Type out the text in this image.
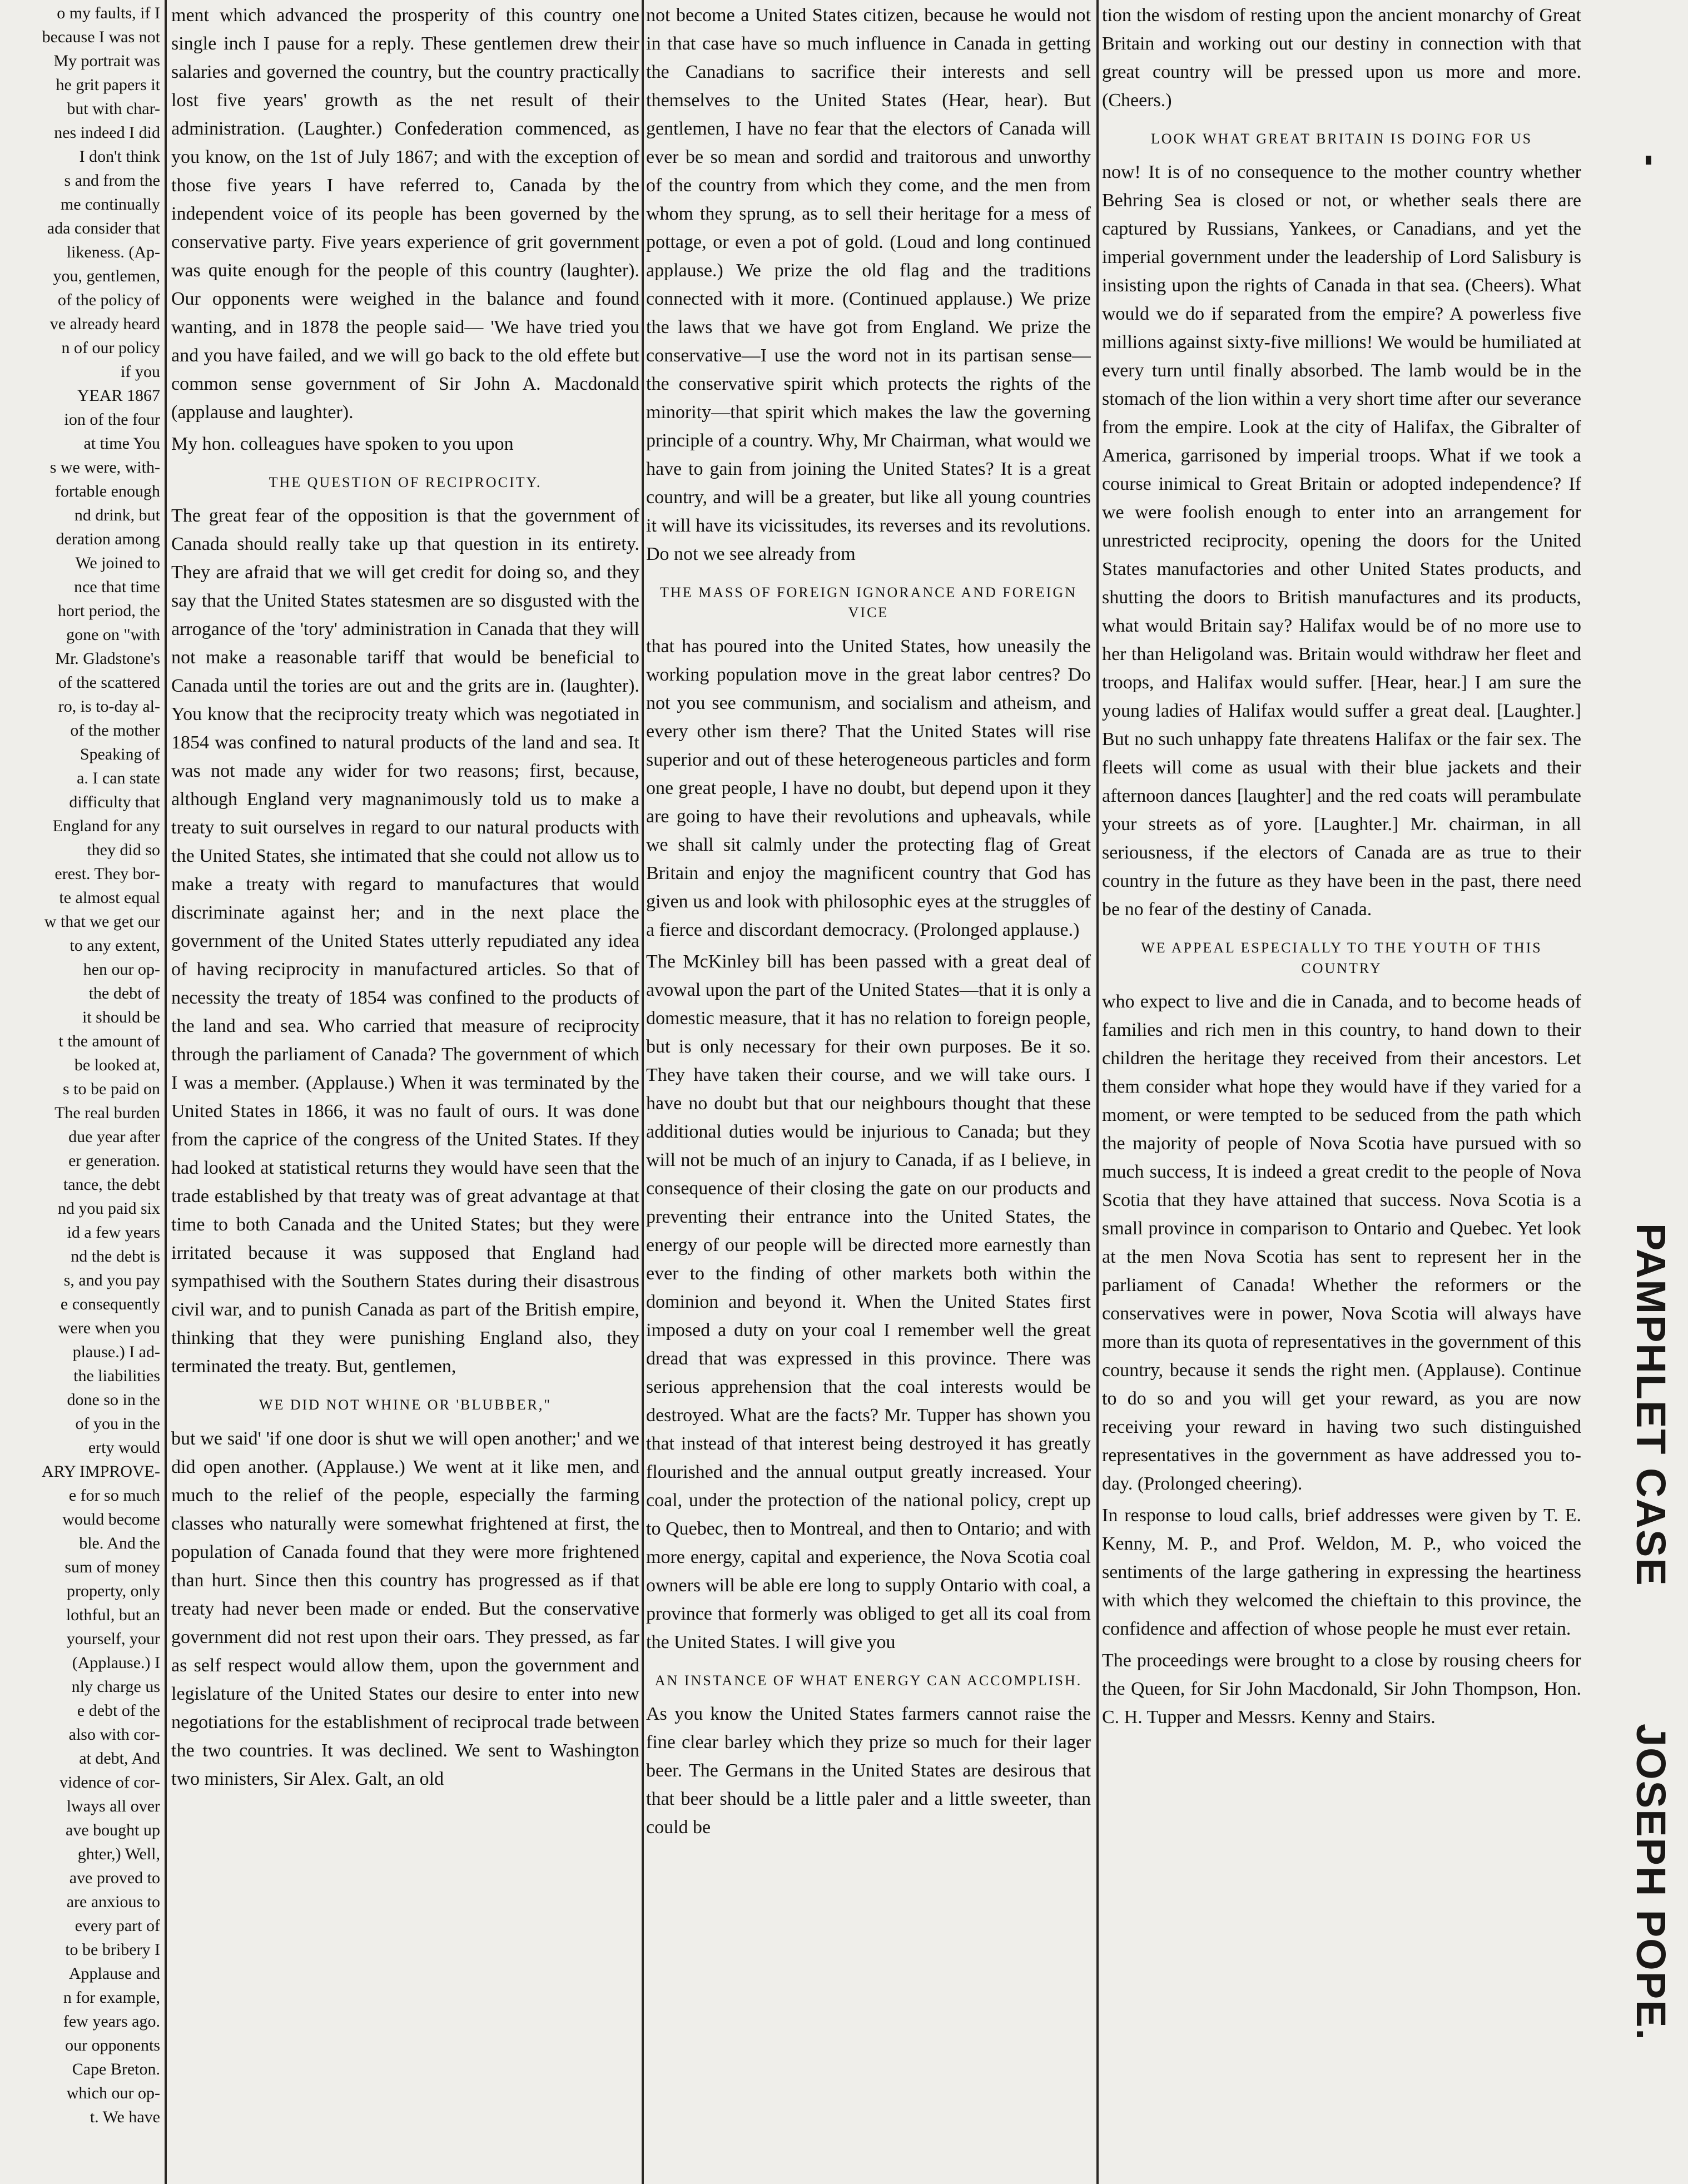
o my faults, if I
because I was not
My portrait was
he grit papers it
but with char-
nes indeed I did
I don't think
s and from the
me continually
ada consider that
likeness. (Ap-
you, gentlemen,
of the policy of
ve already heard
n of our policy
if you
YEAR 1867
ion of the four
at time You
s we were, with-
fortable enough
nd drink, but
deration among
We joined to
nce that time
hort period, the
gone on "with
Mr. Gladstone's
of the scattered
ro, is to-day al-
of the mother
Speaking of
a. I can state
difficulty that
England for any
they did so
erest. They bor-
te almost equal
w that we get our
to any extent,
hen our op-
the debt of
it should be
t the amount of
be looked at,
s to be paid on
The real burden
due year after
er generation.
tance, the debt
nd you paid six
id a few years
nd the debt is
s, and you pay
e consequently
were when you
plause.) I ad-
the liabilities
done so in the
of you in the
erty would
ARY IMPROVE-
e for so much
would become
ble. And the
sum of money
property, only
lothful, but an
yourself, your
(Applause.) I
nly charge us
e debt of the
also with cor-
at debt, And
vidence of cor-
lways all over
ave bought up
ghter,) Well,
ave proved to
are anxious to
every part of
to be bribery I
Applause and
n for example,
few years ago.
our opponents
Cape Breton.
which our op-
t. We have

ment which advanced the prosperity of this country one single inch I pause for a reply. These gentlemen drew their salaries and governed the country, but the country practically lost five years' growth as the net result of their administration. (Laughter.) Confederation commenced, as you know, on the 1st of July 1867; and with the exception of those five years I have referred to, Canada by the independent voice of its people has been governed by the conservative party. Five years experience of grit government was quite enough for the people of this country (laughter). Our opponents were weighed in the balance and found wanting, and in 1878 the people said— 'We have tried you and you have failed, and we will go back to the old effete but common sense government of Sir John A. Macdonald (applause and laughter).

My hon. colleagues have spoken to you upon

THE QUESTION OF RECIPROCITY.

The great fear of the opposition is that the government of Canada should really take up that question in its entirety. They are afraid that we will get credit for doing so, and they say that the United States statesmen are so disgusted with the arrogance of the 'tory' administration in Canada that they will not make a reasonable tariff that would be beneficial to Canada until the tories are out and the grits are in. (laughter). You know that the reciprocity treaty which was negotiated in 1854 was confined to natural products of the land and sea. It was not made any wider for two reasons; first, because, although England very magnanimously told us to make a treaty to suit ourselves in regard to our natural products with the United States, she intimated that she could not allow us to make a treaty with regard to manufactures that would discriminate against her; and in the next place the government of the United States utterly repudiated any idea of having reciprocity in manufactured articles. So that of necessity the treaty of 1854 was confined to the products of the land and sea. Who carried that measure of reciprocity through the parliament of Canada? The government of which I was a member. (Applause.) When it was terminated by the United States in 1866, it was no fault of ours. It was done from the caprice of the congress of the United States. If they had looked at statistical returns they would have seen that the trade established by that treaty was of great advantage at that time to both Canada and the United States; but they were irritated because it was supposed that England had sympathised with the Southern States during their disastrous civil war, and to punish Canada as part of the British empire, thinking that they were punishing England also, they terminated the treaty. But, gentlemen,

WE DID NOT WHINE OR 'BLUBBER,"

but we said' 'if one door is shut we will open another;' and we did open another. (Applause.) We went at it like men, and much to the relief of the people, especially the farming classes who naturally were somewhat frightened at first, the population of Canada found that they were more frightened than hurt. Since then this country has progressed as if that treaty had never been made or ended. But the conservative government did not rest upon their oars. They pressed, as far as self respect would allow them, upon the government and legislature of the United States our desire to enter into new negotiations for the establishment of reciprocal trade between the two countries. It was declined. We sent to Washington two ministers, Sir Alex. Galt, an old

not become a United States citizen, because he would not in that case have so much influence in Canada in getting the Canadians to sacrifice their interests and sell themselves to the United States (Hear, hear). But gentlemen, I have no fear that the electors of Canada will ever be so mean and sordid and traitorous and unworthy of the country from which they come, and the men from whom they sprung, as to sell their heritage for a mess of pottage, or even a pot of gold. (Loud and long continued applause.) We prize the old flag and the traditions connected with it more. (Continued applause.) We prize the laws that we have got from England. We prize the conservative—I use the word not in its partisan sense—the conservative spirit which protects the rights of the minority—that spirit which makes the law the governing principle of a country. Why, Mr Chairman, what would we have to gain from joining the United States? It is a great country, and will be a greater, but like all young countries it will have its vicissitudes, its reverses and its revolutions. Do not we see already from

THE MASS OF FOREIGN IGNORANCE AND FOREIGN VICE

that has poured into the United States, how uneasily the working population move in the great labor centres? Do not you see communism, and socialism and atheism, and every other ism there? That the United States will rise superior and out of these heterogeneous particles and form one great people, I have no doubt, but depend upon it they are going to have their revolutions and upheavals, while we shall sit calmly under the protecting flag of Great Britain and enjoy the magnificent country that God has given us and look with philosophic eyes at the struggles of a fierce and discordant democracy. (Prolonged applause.)

The McKinley bill has been passed with a great deal of avowal upon the part of the United States—that it is only a domestic measure, that it has no relation to foreign people, but is only necessary for their own purposes. Be it so. They have taken their course, and we will take ours. I have no doubt but that our neighbours thought that these additional duties would be injurious to Canada; but they will not be much of an injury to Canada, if as I believe, in consequence of their closing the gate on our products and preventing their entrance into the United States, the energy of our people will be directed more earnestly than ever to the finding of other markets both within the dominion and beyond it. When the United States first imposed a duty on your coal I remember well the great dread that was expressed in this province. There was serious apprehension that the coal interests would be destroyed. What are the facts? Mr. Tupper has shown you that instead of that interest being destroyed it has greatly flourished and the annual output greatly increased. Your coal, under the protection of the national policy, crept up to Quebec, then to Montreal, and then to Ontario; and with more energy, capital and experience, the Nova Scotia coal owners will be able ere long to supply Ontario with coal, a province that formerly was obliged to get all its coal from the United States. I will give you

AN INSTANCE OF WHAT ENERGY CAN ACCOMPLISH.

As you know the United States farmers cannot raise the fine clear barley which they prize so much for their lager beer. The Germans in the United States are desirous that that beer should be a little paler and a little sweeter, than could be

tion the wisdom of resting upon the ancient monarchy of Great Britain and working out our destiny in connection with that great country will be pressed upon us more and more. (Cheers.)

LOOK WHAT GREAT BRITAIN IS DOING FOR US

now! It is of no consequence to the mother country whether Behring Sea is closed or not, or whether seals there are captured by Russians, Yankees, or Canadians, and yet the imperial government under the leadership of Lord Salisbury is insisting upon the rights of Canada in that sea. (Cheers). What would we do if separated from the empire? A powerless five millions against sixty-five millions! We would be humiliated at every turn until finally absorbed. The lamb would be in the stomach of the lion within a very short time after our severance from the empire. Look at the city of Halifax, the Gibralter of America, garrisoned by imperial troops. What if we took a course inimical to Great Britain or adopted independence? If we were foolish enough to enter into an arrangement for unrestricted reciprocity, opening the doors for the United States manufactories and other United States products, and shutting the doors to British manufactures and its products, what would Britain say? Halifax would be of no more use to her than Heligoland was. Britain would withdraw her fleet and troops, and Halifax would suffer. [Hear, hear.] I am sure the young ladies of Halifax would suffer a great deal. [Laughter.] But no such unhappy fate threatens Halifax or the fair sex. The fleets will come as usual with their blue jackets and their afternoon dances [laughter] and the red coats will perambulate your streets as of yore. [Laughter.] Mr. chairman, in all seriousness, if the electors of Canada are as true to their country in the future as they have been in the past, there need be no fear of the destiny of Canada.

WE APPEAL ESPECIALLY TO THE YOUTH OF THIS COUNTRY

who expect to live and die in Canada, and to become heads of families and rich men in this country, to hand down to their children the heritage they received from their ancestors. Let them consider what hope they would have if they varied for a moment, or were tempted to be seduced from the path which the majority of people of Nova Scotia have pursued with so much success, It is indeed a great credit to the people of Nova Scotia that they have attained that success. Nova Scotia is a small province in comparison to Ontario and Quebec. Yet look at the men Nova Scotia has sent to represent her in the parliament of Canada! Whether the reformers or the conservatives were in power, Nova Scotia will always have more than its quota of representatives in the government of this country, because it sends the right men. (Applause). Continue to do so and you will get your reward, as you are now receiving your reward in having two such distinguished representatives in the government as have addressed you to-day. (Prolonged cheering).

In response to loud calls, brief addresses were given by T. E. Kenny, M. P., and Prof. Weldon, M. P., who voiced the sentiments of the large gathering in expressing the heartiness with which they welcomed the chieftain to this province, the confidence and affection of whose people he must ever retain.

The proceedings were brought to a close by rousing cheers for the Queen, for Sir John Macdonald, Sir John Thompson, Hon. C. H. Tupper and Messrs. Kenny and Stairs.

PAMPHLET CASE
JOSEPH POPE.
